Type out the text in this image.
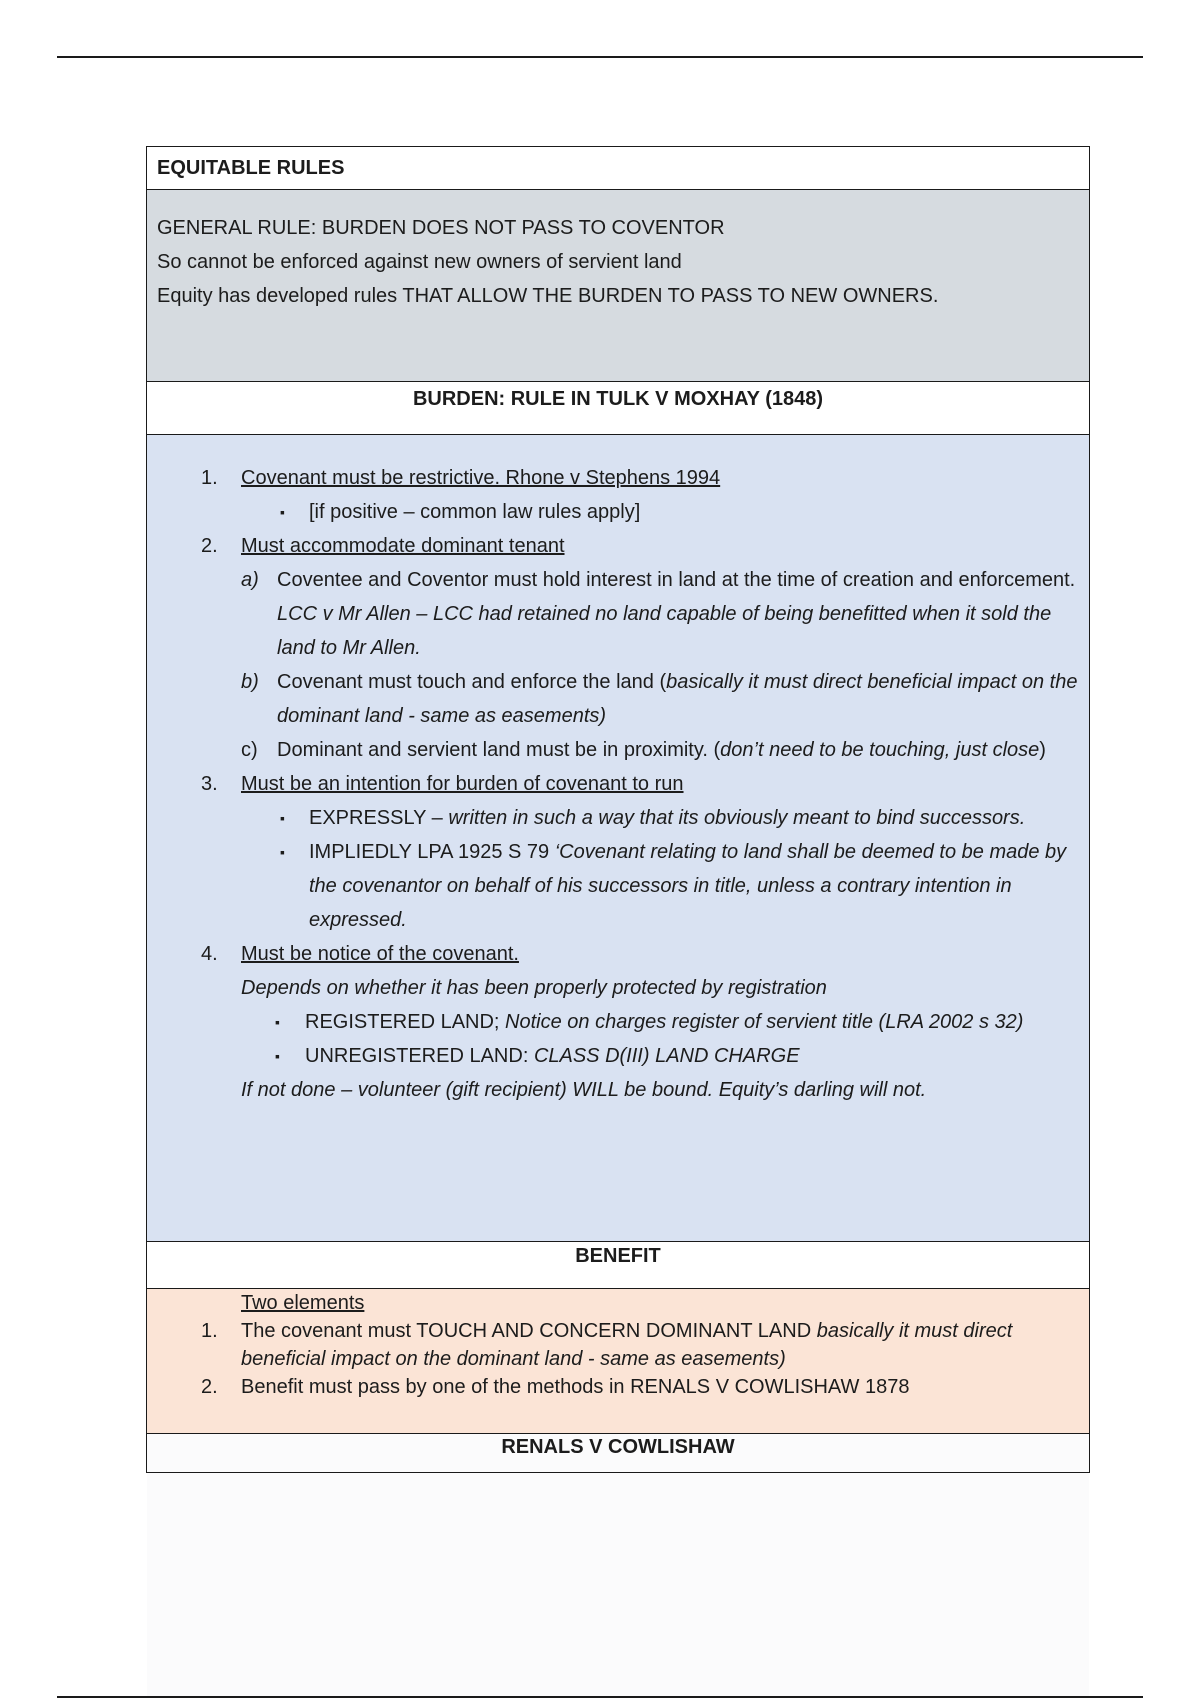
EQUITABLE RULES

GENERAL RULE: BURDEN DOES NOT PASS TO COVENTOR
So cannot be enforced against new owners of servient land
Equity has developed rules THAT ALLOW THE BURDEN TO PASS TO NEW OWNERS.

BURDEN: RULE IN TULK V MOXHAY (1848)

1. Covenant must be restrictive. Rhone v Stephens 1994
▪ [if positive – common law rules apply]
2. Must accommodate dominant tenant
a) Coventee and Coventor must hold interest in land at the time of creation and enforcement. LCC v Mr Allen – LCC had retained no land capable of being benefitted when it sold the land to Mr Allen.
b) Covenant must touch and enforce the land (basically it must direct beneficial impact on the dominant land - same as easements)
c) Dominant and servient land must be in proximity. (don’t need to be touching, just close)
3. Must be an intention for burden of covenant to run
▪ EXPRESSLY – written in such a way that its obviously meant to bind successors.
▪ IMPLIEDLY LPA 1925 S 79 ‘Covenant relating to land shall be deemed to be made by the covenantor on behalf of his successors in title, unless a contrary intention in expressed.
4. Must be notice of the covenant.
Depends on whether it has been properly protected by registration
▪ REGISTERED LAND; Notice on charges register of servient title (LRA 2002 s 32)
▪ UNREGISTERED LAND: CLASS D(III) LAND CHARGE
If not done – volunteer (gift recipient) WILL be bound. Equity’s darling will not.

BENEFIT

Two elements
1. The covenant must TOUCH AND CONCERN DOMINANT LAND basically it must direct
beneficial impact on the dominant land - same as easements)
2. Benefit must pass by one of the methods in RENALS V COWLISHAW 1878

RENALS V COWLISHAW
